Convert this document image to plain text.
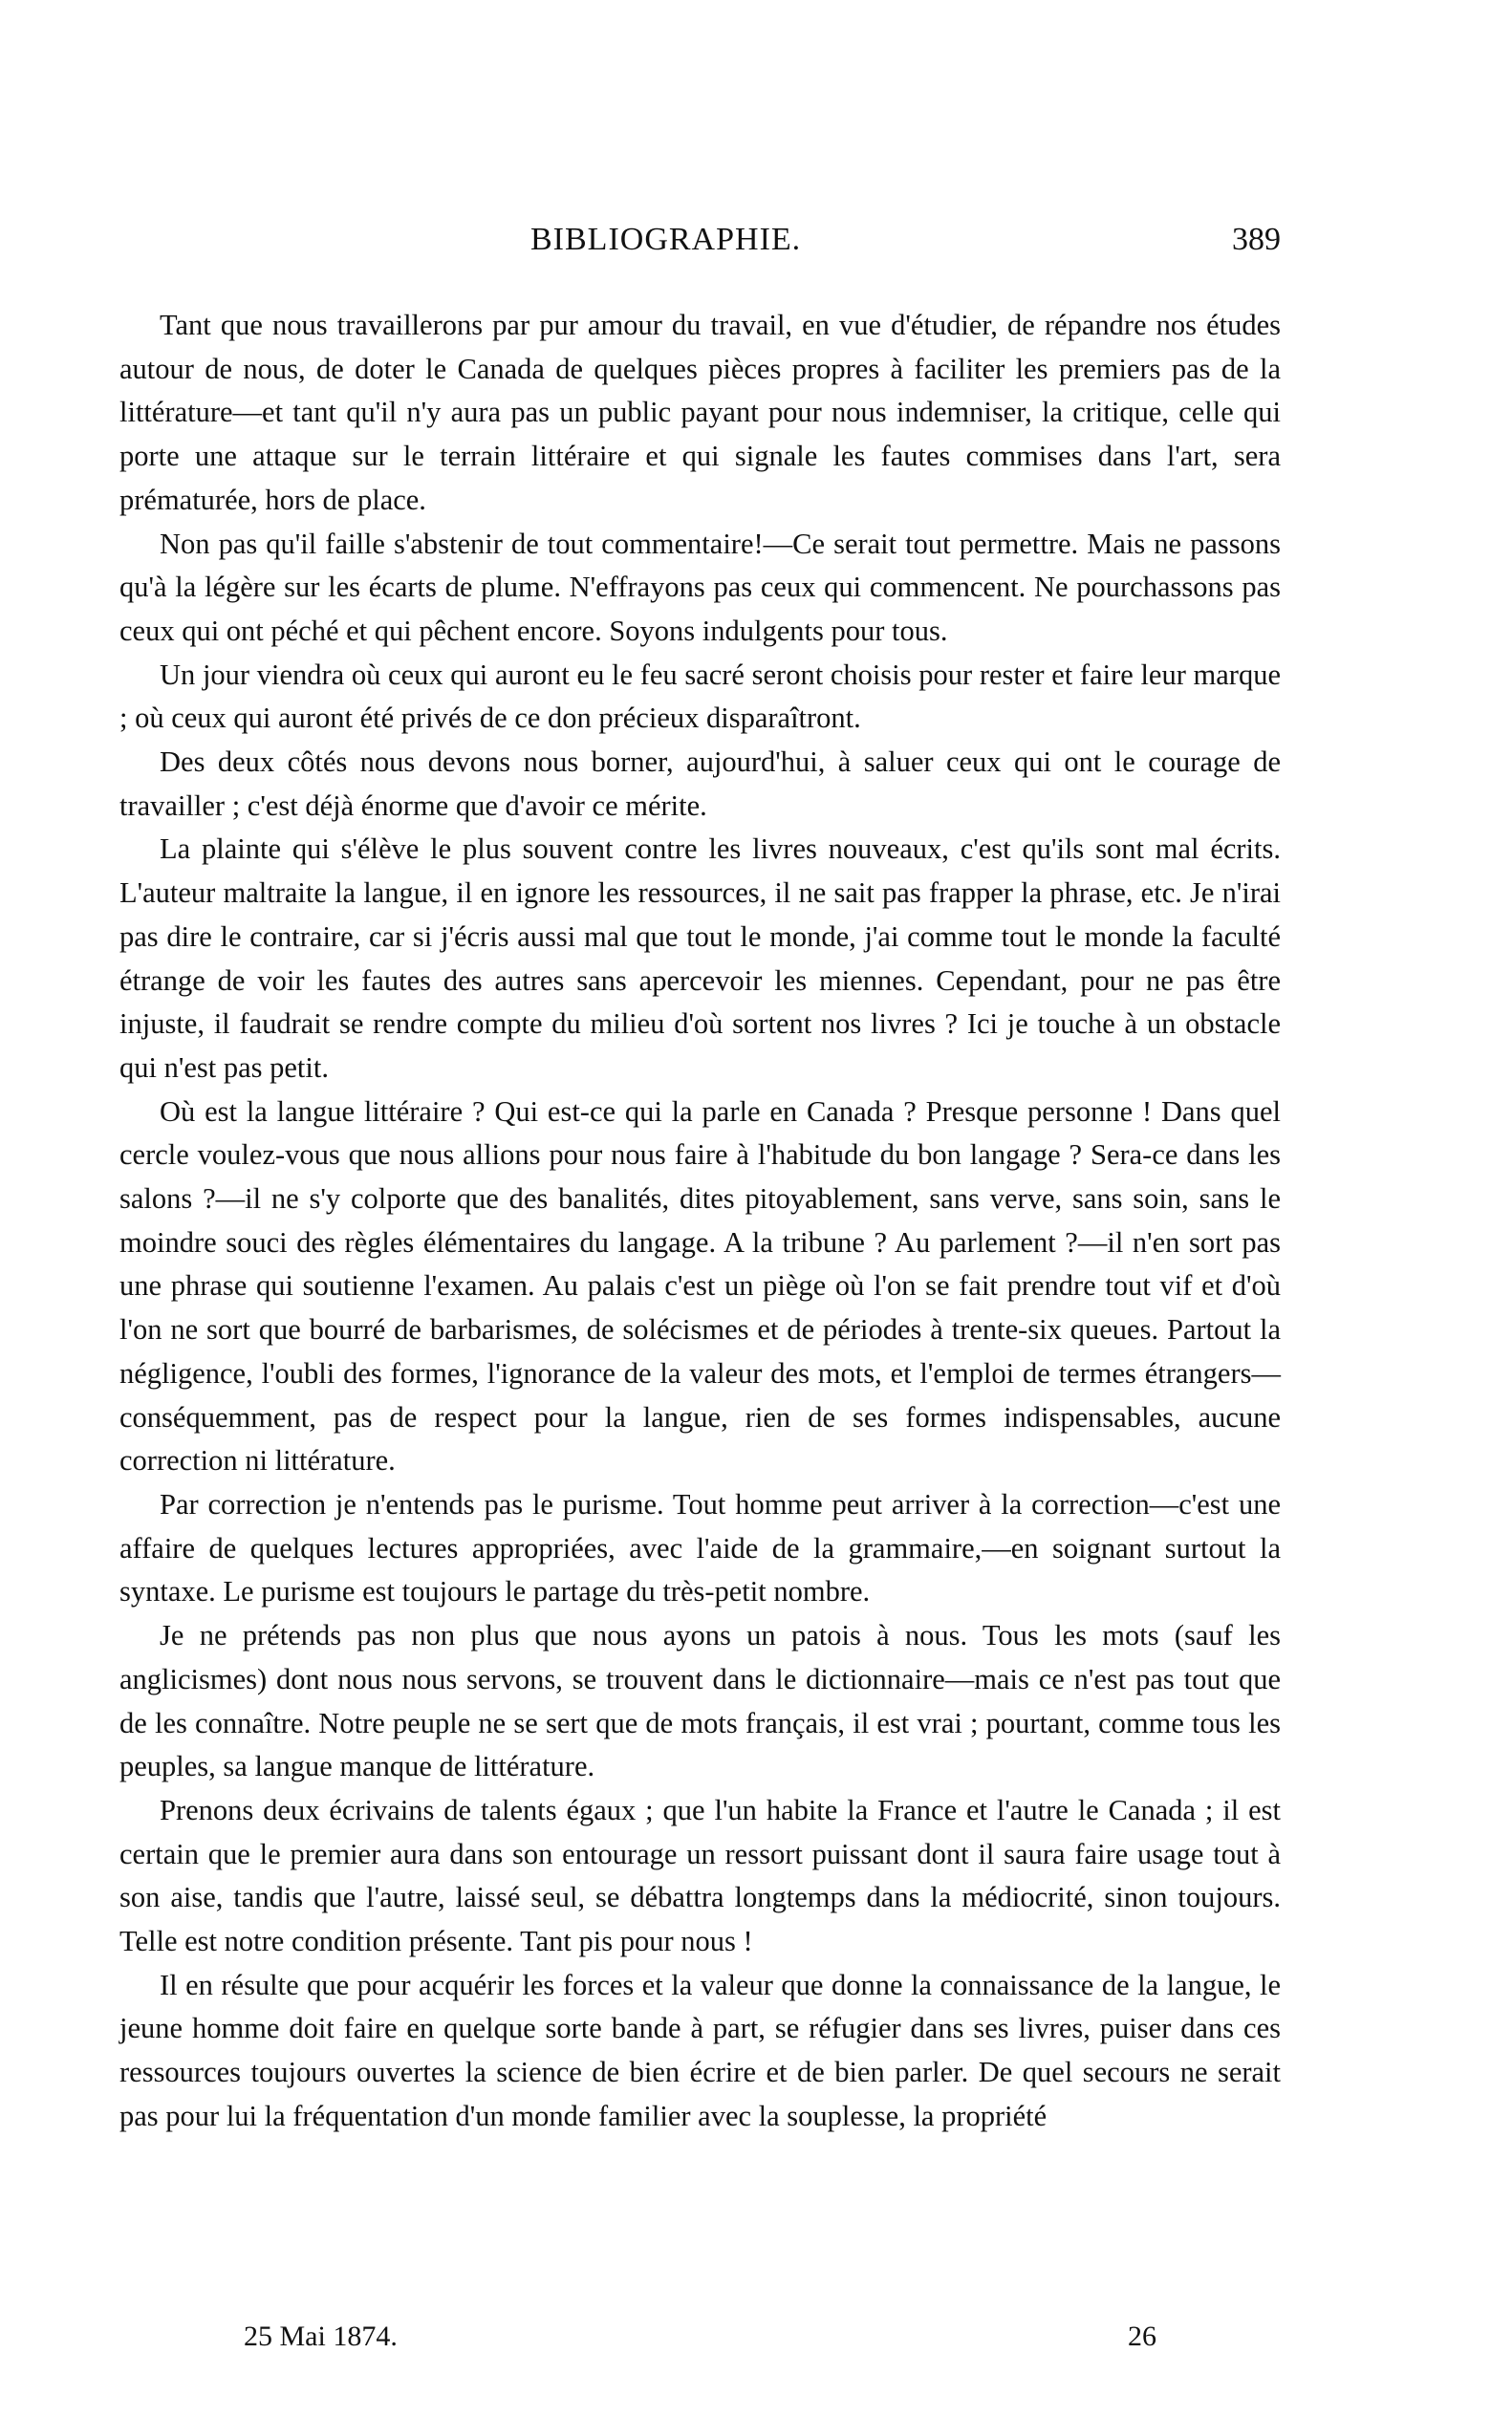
BIBLIOGRAPHIE.	389

Tant que nous travaillerons par pur amour du travail, en vue d'étudier, de répandre nos études autour de nous, de doter le Canada de quelques pièces propres à faciliter les premiers pas de la littérature—et tant qu'il n'y aura pas un public payant pour nous indemniser, la critique, celle qui porte une attaque sur le terrain littéraire et qui signale les fautes commises dans l'art, sera prématurée, hors de place.

Non pas qu'il faille s'abstenir de tout commentaire!—Ce serait tout permettre. Mais ne passons qu'à la légère sur les écarts de plume. N'effrayons pas ceux qui commencent. Ne pourchassons pas ceux qui ont péché et qui pêchent encore. Soyons indulgents pour tous.

Un jour viendra où ceux qui auront eu le feu sacré seront choisis pour rester et faire leur marque ; où ceux qui auront été privés de ce don précieux disparaîtront.

Des deux côtés nous devons nous borner, aujourd'hui, à saluer ceux qui ont le courage de travailler ; c'est déjà énorme que d'avoir ce mérite.

La plainte qui s'élève le plus souvent contre les livres nouveaux, c'est qu'ils sont mal écrits. L'auteur maltraite la langue, il en ignore les ressources, il ne sait pas frapper la phrase, etc. Je n'irai pas dire le contraire, car si j'écris aussi mal que tout le monde, j'ai comme tout le monde la faculté étrange de voir les fautes des autres sans apercevoir les miennes. Cependant, pour ne pas être injuste, il faudrait se rendre compte du milieu d'où sortent nos livres ? Ici je touche à un obstacle qui n'est pas petit.

Où est la langue littéraire ? Qui est-ce qui la parle en Canada ? Presque personne ! Dans quel cercle voulez-vous que nous allions pour nous faire à l'habitude du bon langage ? Sera-ce dans les salons ?—il ne s'y colporte que des banalités, dites pitoyablement, sans verve, sans soin, sans le moindre souci des règles élémentaires du langage. A la tribune ? Au parlement ?—il n'en sort pas une phrase qui soutienne l'examen. Au palais c'est un piège où l'on se fait prendre tout vif et d'où l'on ne sort que bourré de barbarismes, de solécismes et de périodes à trente-six queues. Partout la négligence, l'oubli des formes, l'ignorance de la valeur des mots, et l'emploi de termes étrangers—conséquemment, pas de respect pour la langue, rien de ses formes indispensables, aucune correction ni littérature.

Par correction je n'entends pas le purisme. Tout homme peut arriver à la correction—c'est une affaire de quelques lectures appropriées, avec l'aide de la grammaire,—en soignant surtout la syntaxe. Le purisme est toujours le partage du très-petit nombre.

Je ne prétends pas non plus que nous ayons un patois à nous. Tous les mots (sauf les anglicismes) dont nous nous servons, se trouvent dans le dictionnaire—mais ce n'est pas tout que de les connaître. Notre peuple ne se sert que de mots français, il est vrai ; pourtant, comme tous les peuples, sa langue manque de littérature.

Prenons deux écrivains de talents égaux ; que l'un habite la France et l'autre le Canada ; il est certain que le premier aura dans son entourage un ressort puissant dont il saura faire usage tout à son aise, tandis que l'autre, laissé seul, se débattra longtemps dans la médiocrité, sinon toujours. Telle est notre condition présente. Tant pis pour nous !

Il en résulte que pour acquérir les forces et la valeur que donne la connaissance de la langue, le jeune homme doit faire en quelque sorte bande à part, se réfugier dans ses livres, puiser dans ces ressources toujours ouvertes la science de bien écrire et de bien parler. De quel secours ne serait pas pour lui la fréquentation d'un monde familier avec la souplesse, la propriété

25 Mai 1874.	26
